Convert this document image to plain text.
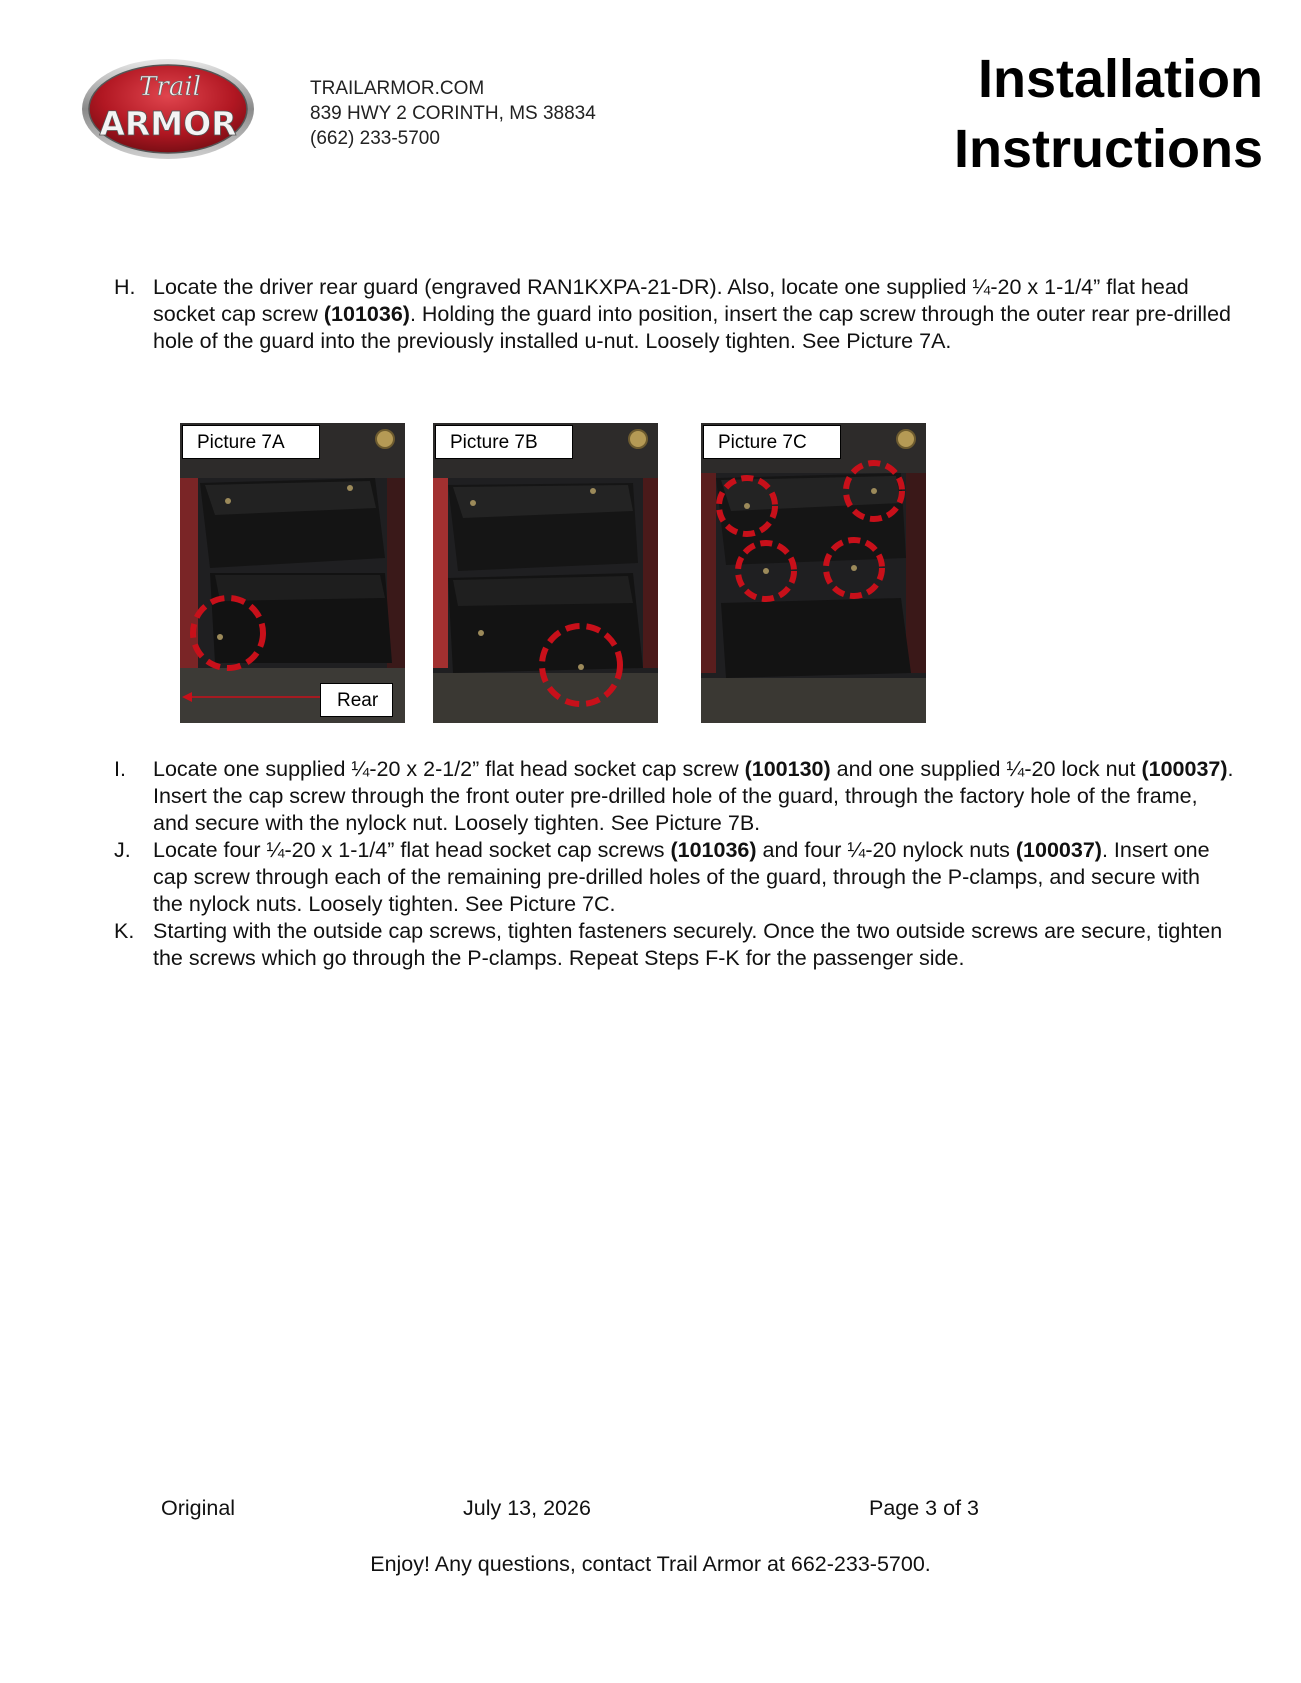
Trail
ARMOR
TRAILARMOR.COM
839 HWY 2 CORINTH, MS 38834
(662) 233-5700
Installation
Instructions
H. Locate the driver rear guard (engraved RAN1KXPA-21-DR). Also, locate one supplied ¼-20 x 1-1/4” flat head socket cap screw (101036). Holding the guard into position, insert the cap screw through the outer rear pre-drilled hole of the guard into the previously installed u-nut. Loosely tighten. See Picture 7A.
Picture 7A
Rear
Picture 7B	Picture 7C
I. Locate one supplied ¼-20 x 2-1/2” flat head socket cap screw (100130) and one supplied ¼-20 lock nut (100037). Insert the cap screw through the front outer pre-drilled hole of the guard, through the factory hole of the frame, and secure with the nylock nut. Loosely tighten. See Picture 7B.
J. Locate four ¼-20 x 1-1/4” flat head socket cap screws (101036) and four ¼-20 nylock nuts (100037). Insert one cap screw through each of the remaining pre-drilled holes of the guard, through the P-clamps, and secure with the nylock nuts. Loosely tighten. See Picture 7C.
K. Starting with the outside cap screws, tighten fasteners securely. Once the two outside screws are secure, tighten the screws which go through the P-clamps. Repeat Steps F-K for the passenger side.
Original	July 13, 2026	Page 3 of 3
Enjoy! Any questions, contact Trail Armor at 662-233-5700.
